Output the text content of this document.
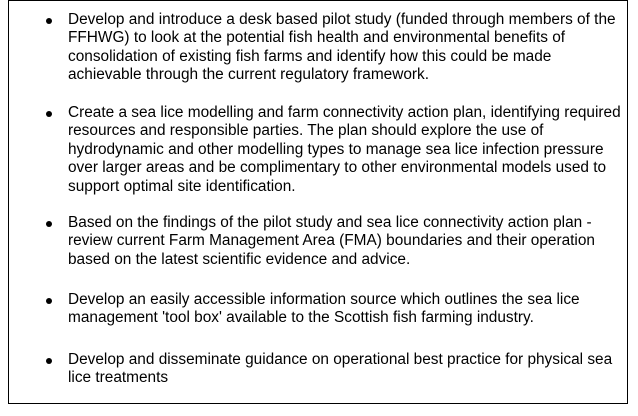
Develop and introduce a desk based pilot study (funded through members of the FFHWG) to look at the potential fish health and environmental benefits of consolidation of existing fish farms and identify how this could be made achievable through the current regulatory framework.
Create a sea lice modelling and farm connectivity action plan, identifying required resources and responsible parties. The plan should explore the use of hydrodynamic and other modelling types to manage sea lice infection pressure over larger areas and be complimentary to other environmental models used to support optimal site identification.
Based on the findings of the pilot study and sea lice connectivity action plan - review current Farm Management Area (FMA) boundaries and their operation based on the latest scientific evidence and advice.
Develop an easily accessible information source which outlines the sea lice management 'tool box' available to the Scottish fish farming industry.
Develop and disseminate guidance on operational best practice for physical sea lice treatments
